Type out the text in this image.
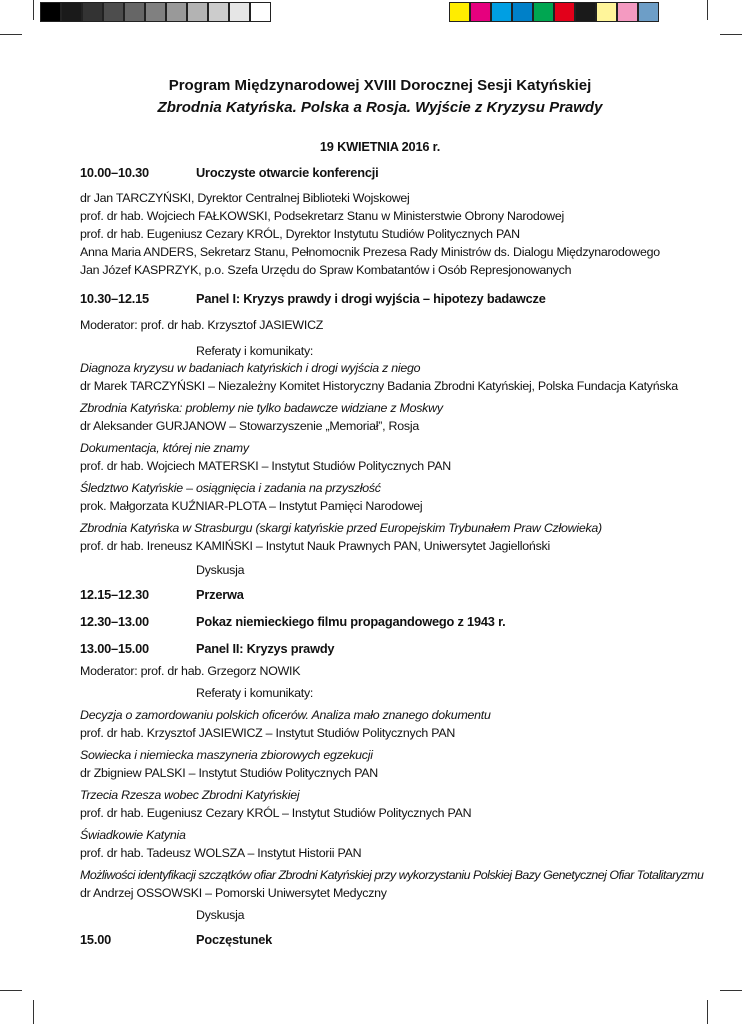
Program Międzynarodowej XVIII Dorocznej Sesji Katyńskiej
Zbrodnia Katyńska. Polska a Rosja. Wyjście z Kryzysu Prawdy
19 KWIETNIA 2016 r.
10.00–10.30	Uroczyste otwarcie konferencji
dr Jan TARCZYŃSKI, Dyrektor Centralnej Biblioteki Wojskowej
prof. dr hab. Wojciech FAŁKOWSKI, Podsekretarz Stanu w Ministerstwie Obrony Narodowej
prof. dr hab. Eugeniusz Cezary KRÓL, Dyrektor Instytutu Studiów Politycznych PAN
Anna Maria ANDERS, Sekretarz Stanu, Pełnomocnik Prezesa Rady Ministrów ds. Dialogu Międzynarodowego
Jan Józef KASPRZYK, p.o. Szefa Urzędu do Spraw Kombatantów i Osób Represjonowanych
10.30–12.15	Panel I: Kryzys prawdy i drogi wyjścia – hipotezy badawcze
Moderator: prof. dr hab. Krzysztof JASIEWICZ
Referaty i komunikaty:
Diagnoza kryzysu w badaniach katyńskich i drogi wyjścia z niego
dr Marek TARCZYŃSKI – Niezależny Komitet Historyczny Badania Zbrodni Katyńskiej, Polska Fundacja Katyńska
Zbrodnia Katyńska: problemy nie tylko badawcze widziane z Moskwy
dr Aleksander GURJANOW – Stowarzyszenie „Memoriał”, Rosja
Dokumentacja, której nie znamy
prof. dr hab. Wojciech MATERSKI – Instytut Studiów Politycznych PAN
Śledztwo Katyńskie – osiągnięcia i zadania na przyszłość
prok. Małgorzata KUŹNIAR-PLOTA – Instytut Pamięci Narodowej
Zbrodnia Katyńska w Strasburgu (skargi katyńskie przed Europejskim Trybunałem Praw Człowieka)
prof. dr hab. Ireneusz KAMIŃSKI – Instytut Nauk Prawnych PAN, Uniwersytet Jagielloński
Dyskusja
12.15–12.30	Przerwa
12.30–13.00	Pokaz niemieckiego filmu propagandowego z 1943 r.
13.00–15.00	Panel II: Kryzys prawdy
Moderator: prof. dr hab. Grzegorz NOWIK
Referaty i komunikaty:
Decyzja o zamordowaniu polskich oficerów. Analiza mało znanego dokumentu
prof. dr hab. Krzysztof JASIEWICZ – Instytut Studiów Politycznych PAN
Sowiecka i niemiecka maszyneria zbiorowych egzekucji
dr Zbigniew PALSKI – Instytut Studiów Politycznych PAN
Trzecia Rzesza wobec Zbrodni Katyńskiej
prof. dr hab. Eugeniusz Cezary KRÓL – Instytut Studiów Politycznych PAN
Świadkowie Katynia
prof. dr hab. Tadeusz WOLSZA – Instytut Historii PAN
Możliwości identyfikacji szczątków ofiar Zbrodni Katyńskiej przy wykorzystaniu Polskiej Bazy Genetycznej Ofiar Totalitaryzmu
dr Andrzej OSSOWSKI – Pomorski Uniwersytet Medyczny
Dyskusja
15.00	Poczęstunek
